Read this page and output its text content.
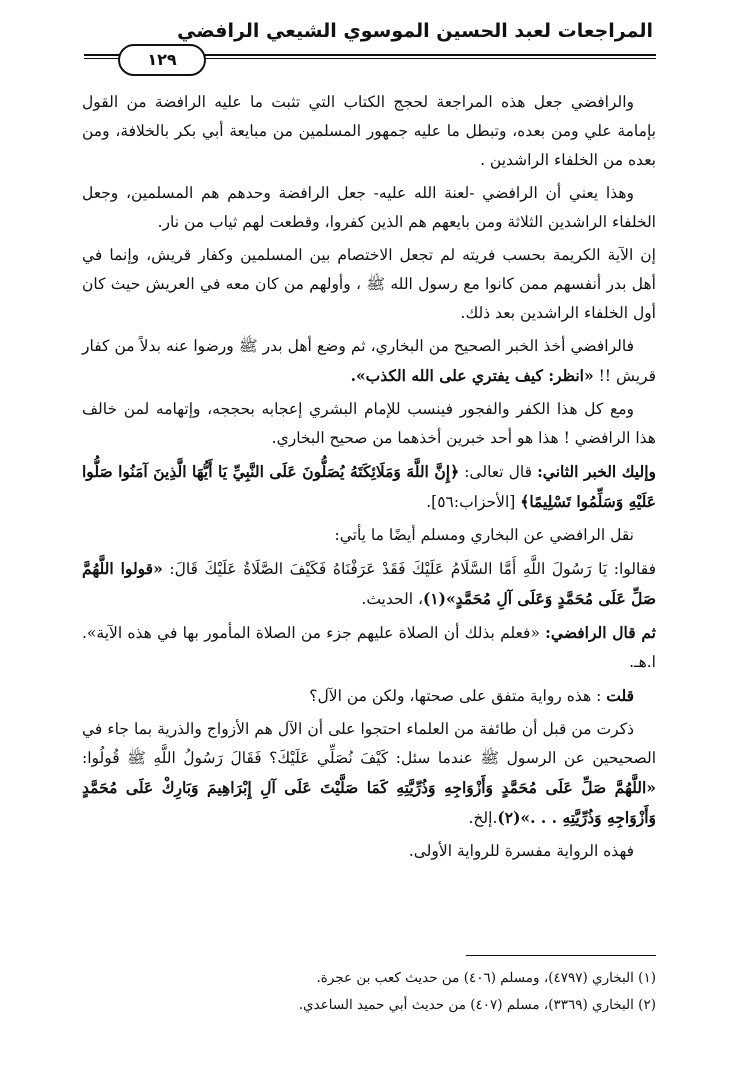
المراجعات لعبد الحسين الموسوي الشيعي الرافضي
١٢٩

والرافضي جعل هذه المراجعة لحجج الكتاب التي تثبت ما عليه الرافضة من القول بإمامة علي ومن بعده، وتبطل ما عليه جمهور المسلمين من مبايعة أبي بكر بالخلافة، ومن بعده من الخلفاء الراشدين .

وهذا يعني أن الرافضي -لعنة الله عليه- جعل الرافضة وحدهم هم المسلمين، وجعل الخلفاء الراشدين الثلاثة ومن بايعهم هم الذين كفروا، وقطعت لهم ثياب من نار.

إن الآية الكريمة بحسب فريته لم تجعل الاختصام بين المسلمين وكفار قريش، وإنما في أهل بدر أنفسهم ممن كانوا مع رسول الله ﷺ ، وأولهم من كان معه في العريش حيث كان أول الخلفاء الراشدين بعد ذلك.

فالرافضي أخذ الخبر الصحيح من البخاري، ثم وضع أهل بدر ﷺ ورضوا عنه بدلاً من كفار قريش !! «انظر: كيف يفتري على الله الكذب».

ومع كل هذا الكفر والفجور فينسب للإمام البشري إعجابه بحججه، وإتهامه لمن خالف هذا الرافضي ! هذا هو أحد خبرين أخذهما من صحيح البخاري.

وإليك الخبر الثاني: قال تعالى: ﴿إِنَّ اللَّهَ وَمَلَائِكَتَهُ يُصَلُّونَ عَلَى النَّبِيِّ يَا أَيُّهَا الَّذِينَ آمَنُوا صَلُّوا عَلَيْهِ وَسَلِّمُوا تَسْلِيمًا﴾ [الأحزاب:٥٦].

نقل الرافضي عن البخاري ومسلم أيضًا ما يأتي:

فقالوا: يَا رَسُولَ اللَّهِ أَمَّا السَّلَامُ عَلَيْكَ فَقَدْ عَرَفْنَاهُ فَكَيْفَ الصَّلَاةُ عَلَيْكَ قَالَ: «قولوا اللَّهُمَّ صَلِّ عَلَى مُحَمَّدٍ وَعَلَى آلِ مُحَمَّدٍ»(١)، الحديث.

ثم قال الرافضي: «فعلم بذلك أن الصلاة عليهم جزء من الصلاة المأمور بها في هذه الآية». ا.هـ.

قلت : هذه رواية متفق على صحتها، ولكن من الآل؟

ذكرت من قبل أن طائفة من العلماء احتجوا على أن الآل هم الأزواج والذرية بما جاء في الصحيحين عن الرسول ﷺ عندما سئل: كَيْفَ نُصَلِّي عَلَيْكَ؟ فَقَالَ رَسُولُ اللَّهِ ﷺ قُولُوا: «اللَّهُمَّ صَلِّ عَلَى مُحَمَّدٍ وَأَزْوَاجِهِ وَذُرِّيَّتِهِ كَمَا صَلَّيْتَ عَلَى آلِ إِبْرَاهِيمَ وَبَارِكْ عَلَى مُحَمَّدٍ وَأَزْوَاجِهِ وَذُرِّيَّتِهِ . . .»(٢).إلخ.

فهذه الرواية مفسرة للرواية الأولى.

(١) البخاري (٤٧٩٧)، ومسلم (٤٠٦) من حديث كعب بن عجرة.

(٢) البخاري (٣٣٦٩)، مسلم (٤٠٧) من حديث أبي حميد الساعدي.
